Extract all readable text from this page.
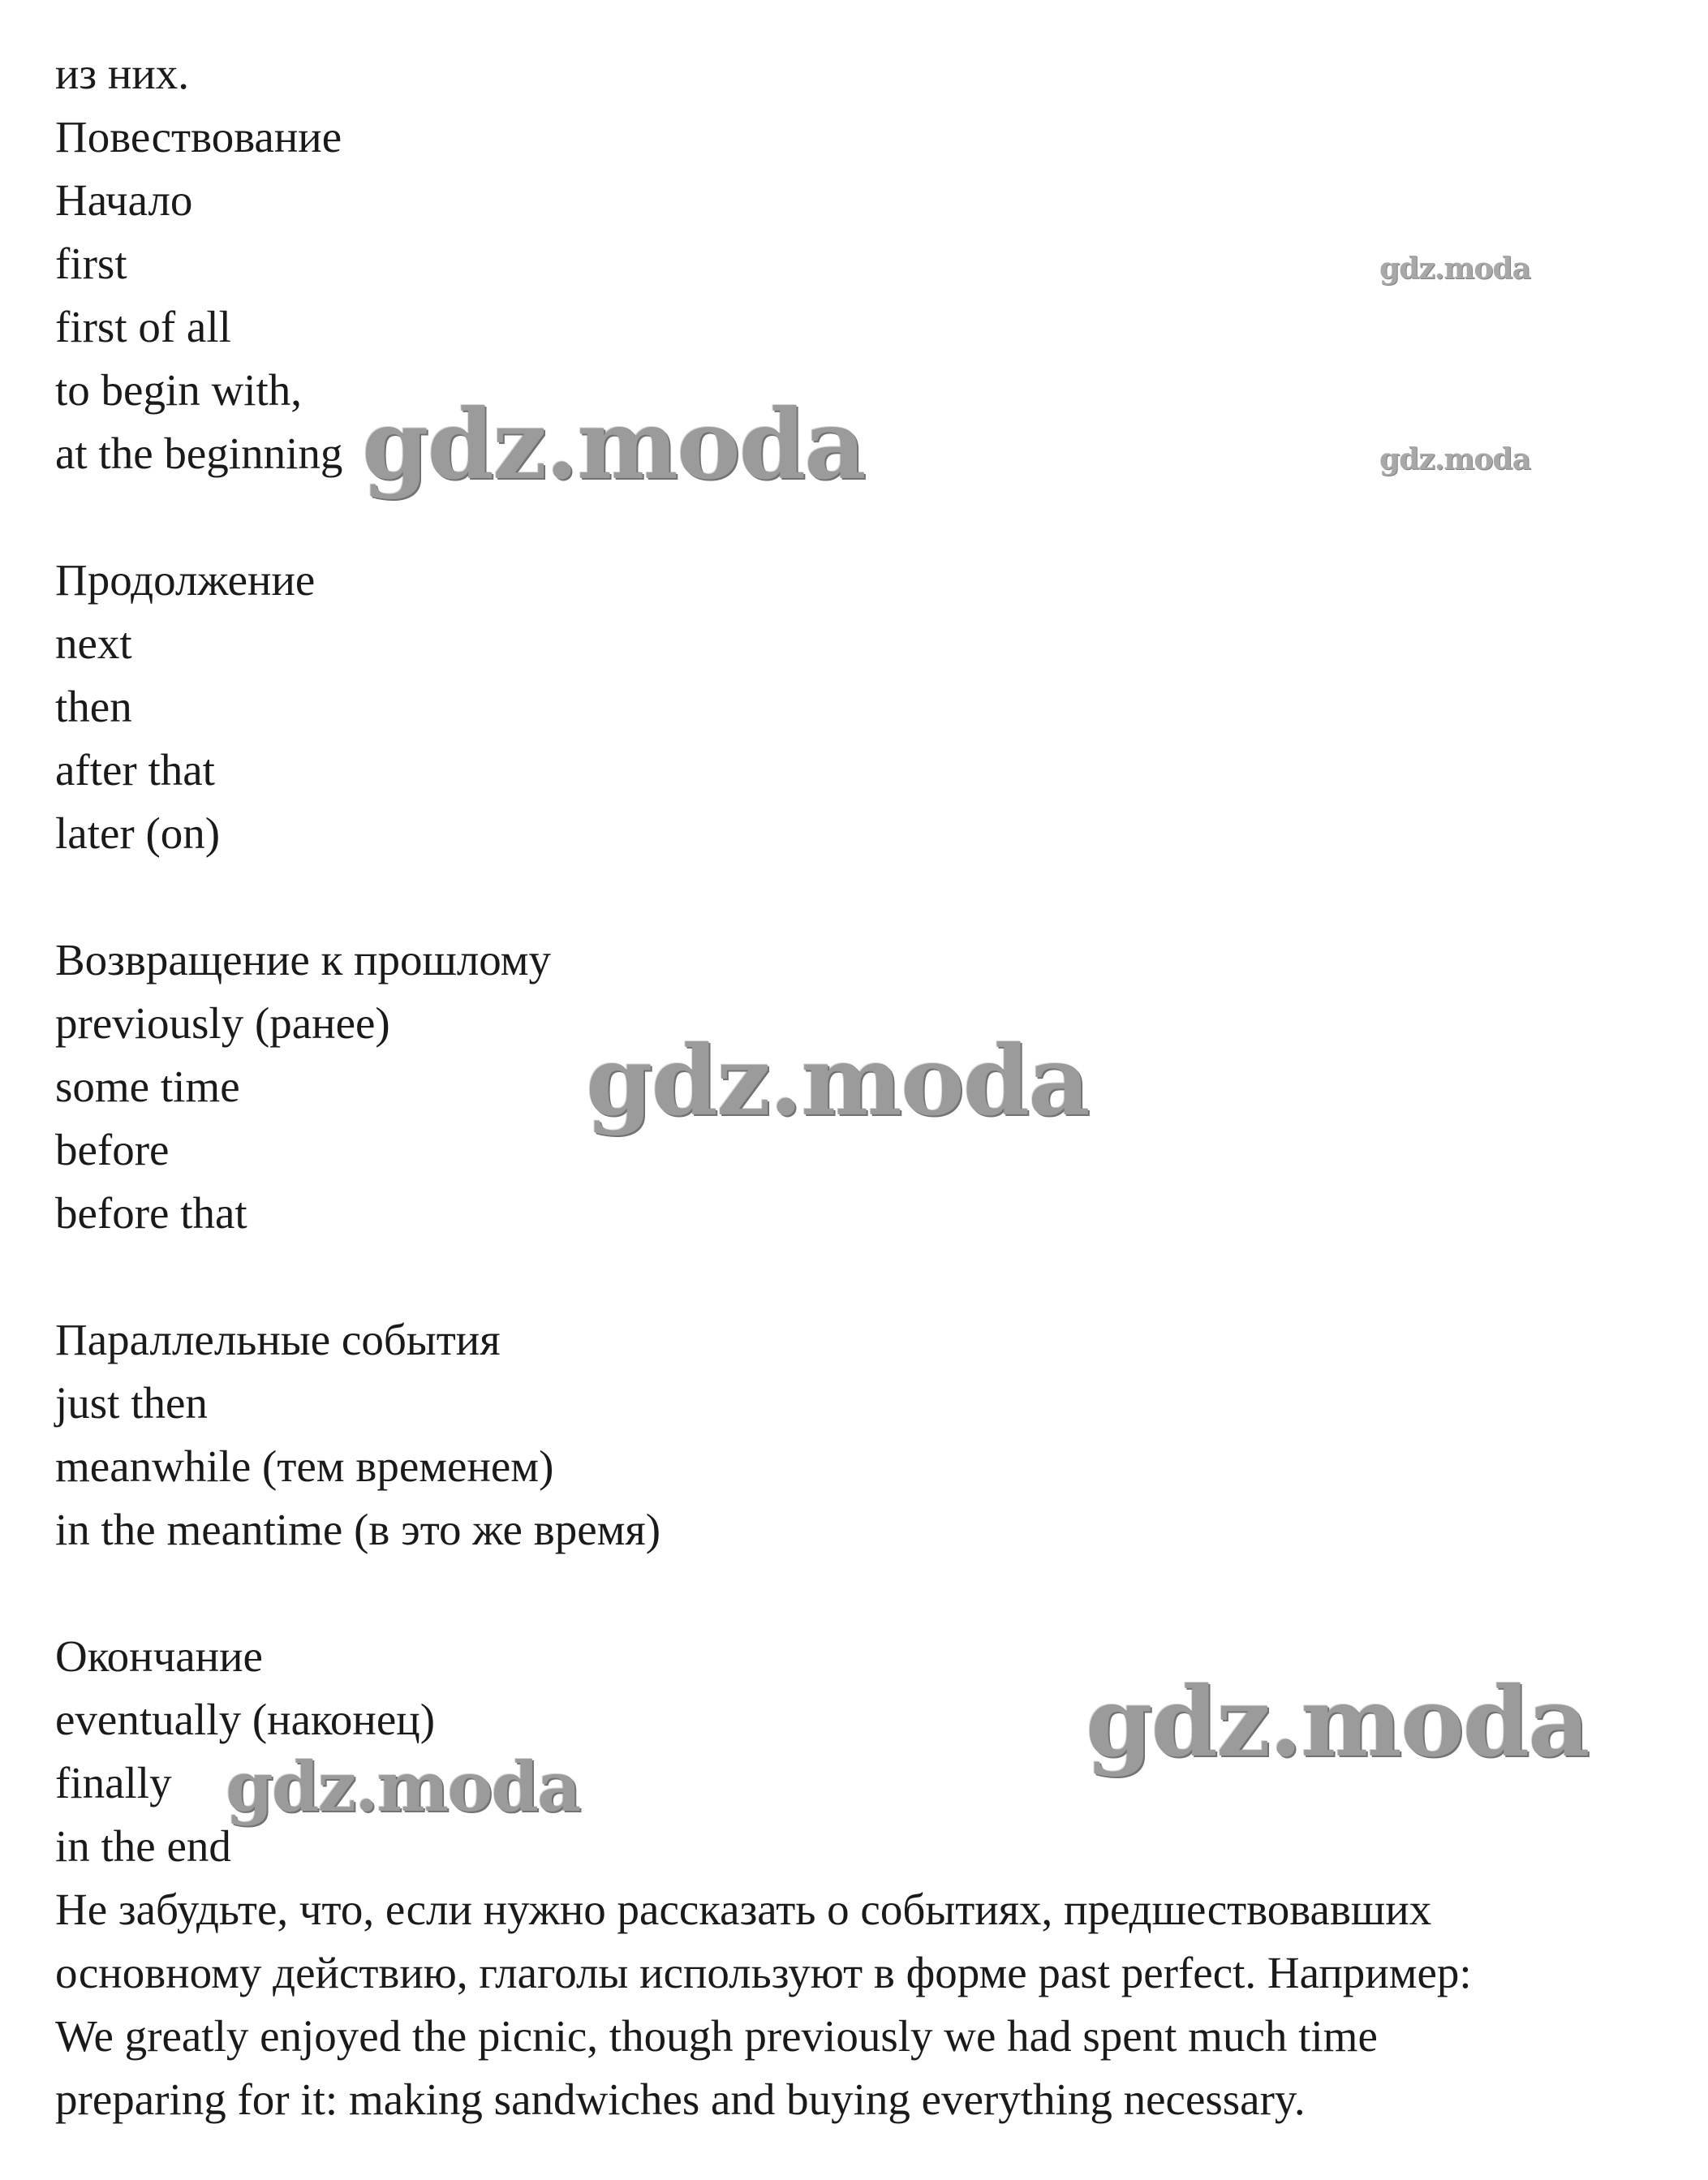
из них.
Повествование
Начало
first
first of all
to begin with,
at the beginning
Продолжение
next
then
after that
later (on)
Возвращение к прошлому
previously (ранее)
some time
before
before that
Параллельные события
just then
meanwhile (тем временем)
in the meantime (в это же время)
Окончание
eventually (наконец)
finally
in the end
Не забудьте, что, если нужно рассказать о событиях, предшествовавших
основному действию, глаголы используют в форме past perfect. Например:
We greatly enjoyed the picnic, though previously we had spent much time
preparing for it: making sandwiches and buying everything necessary.
gdz.moda
gdz.moda
gdz.moda
gdz.moda
gdz.moda
gdz.moda
